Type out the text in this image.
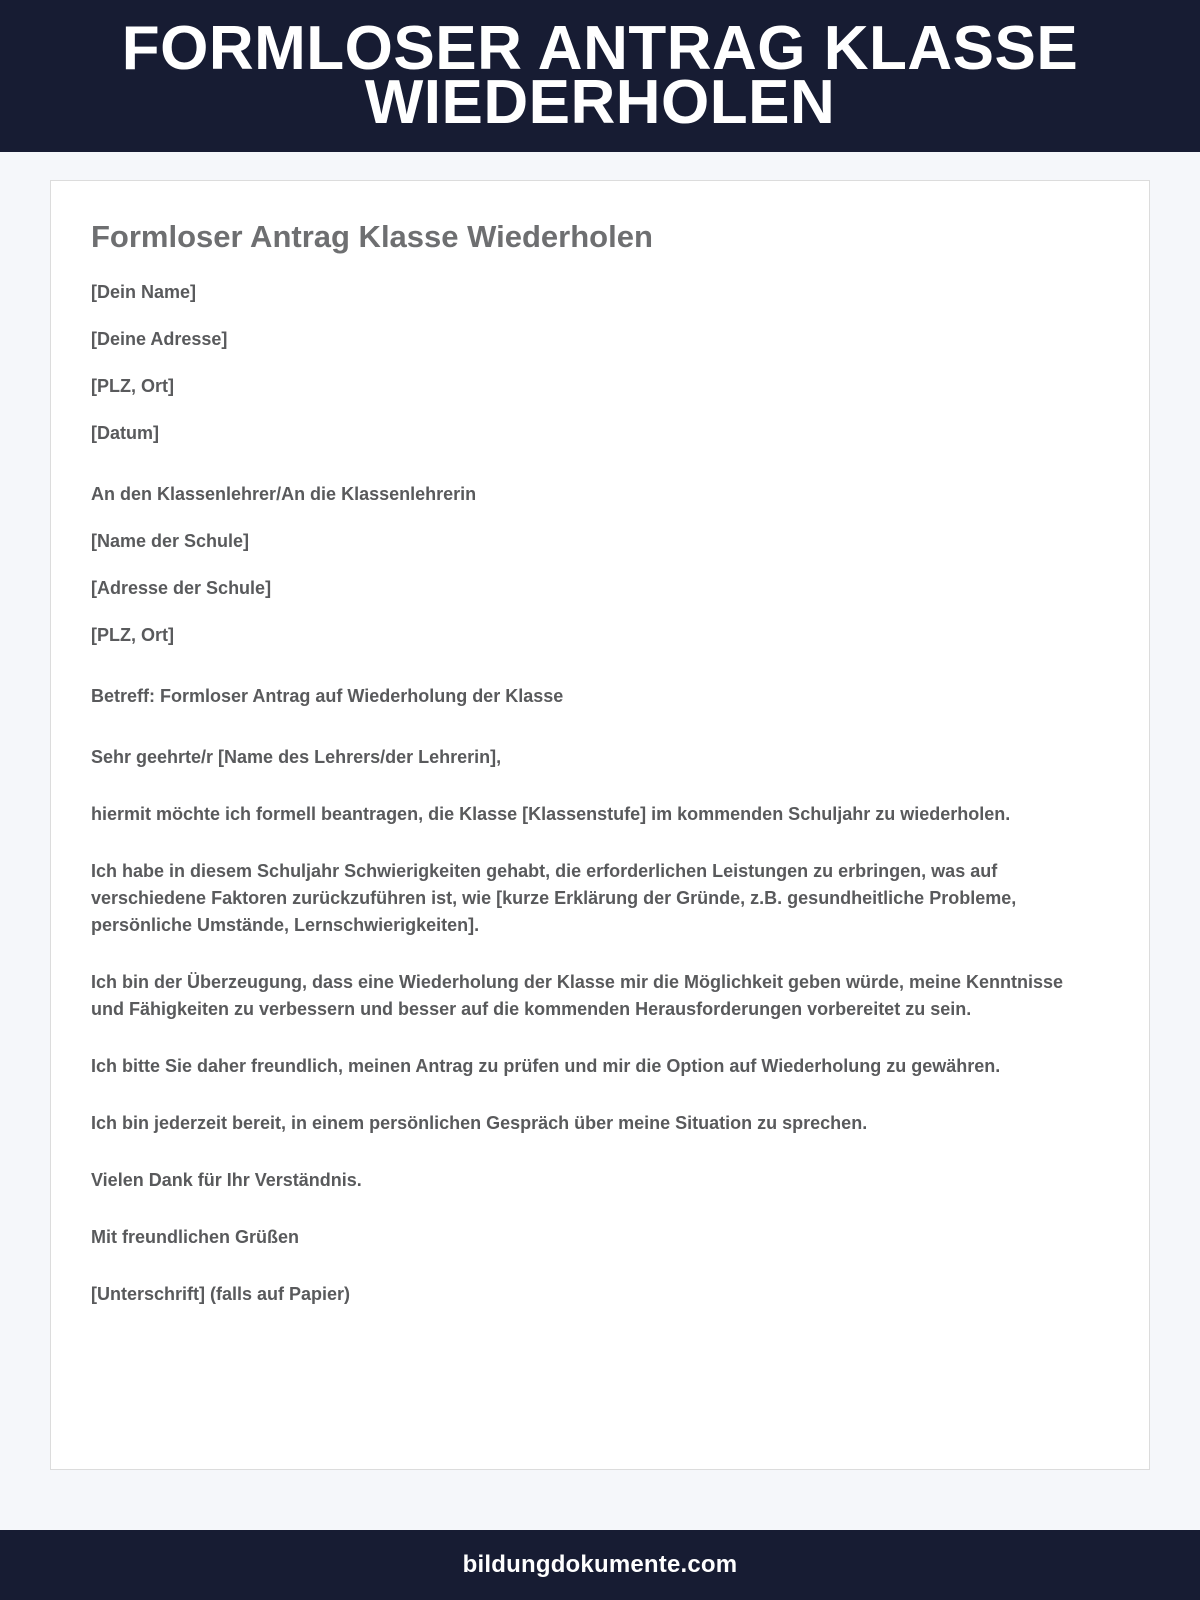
FORMLOSER ANTRAG KLASSE WIEDERHOLEN
Formloser Antrag Klasse Wiederholen

[Dein Name]

[Deine Adresse]

[PLZ, Ort]

[Datum]

An den Klassenlehrer/An die Klassenlehrerin

[Name der Schule]

[Adresse der Schule]

[PLZ, Ort]

Betreff: Formloser Antrag auf Wiederholung der Klasse

Sehr geehrte/r [Name des Lehrers/der Lehrerin],

hiermit möchte ich formell beantragen, die Klasse [Klassenstufe] im kommenden Schuljahr zu wiederholen.

Ich habe in diesem Schuljahr Schwierigkeiten gehabt, die erforderlichen Leistungen zu erbringen, was auf verschiedene Faktoren zurückzuführen ist, wie [kurze Erklärung der Gründe, z.B. gesundheitliche Probleme, persönliche Umstände, Lernschwierigkeiten].

Ich bin der Überzeugung, dass eine Wiederholung der Klasse mir die Möglichkeit geben würde, meine Kenntnisse und Fähigkeiten zu verbessern und besser auf die kommenden Herausforderungen vorbereitet zu sein.

Ich bitte Sie daher freundlich, meinen Antrag zu prüfen und mir die Option auf Wiederholung zu gewähren.

Ich bin jederzeit bereit, in einem persönlichen Gespräch über meine Situation zu sprechen.

Vielen Dank für Ihr Verständnis.

Mit freundlichen Grüßen

[Unterschrift] (falls auf Papier)

bildungdokumente.com
